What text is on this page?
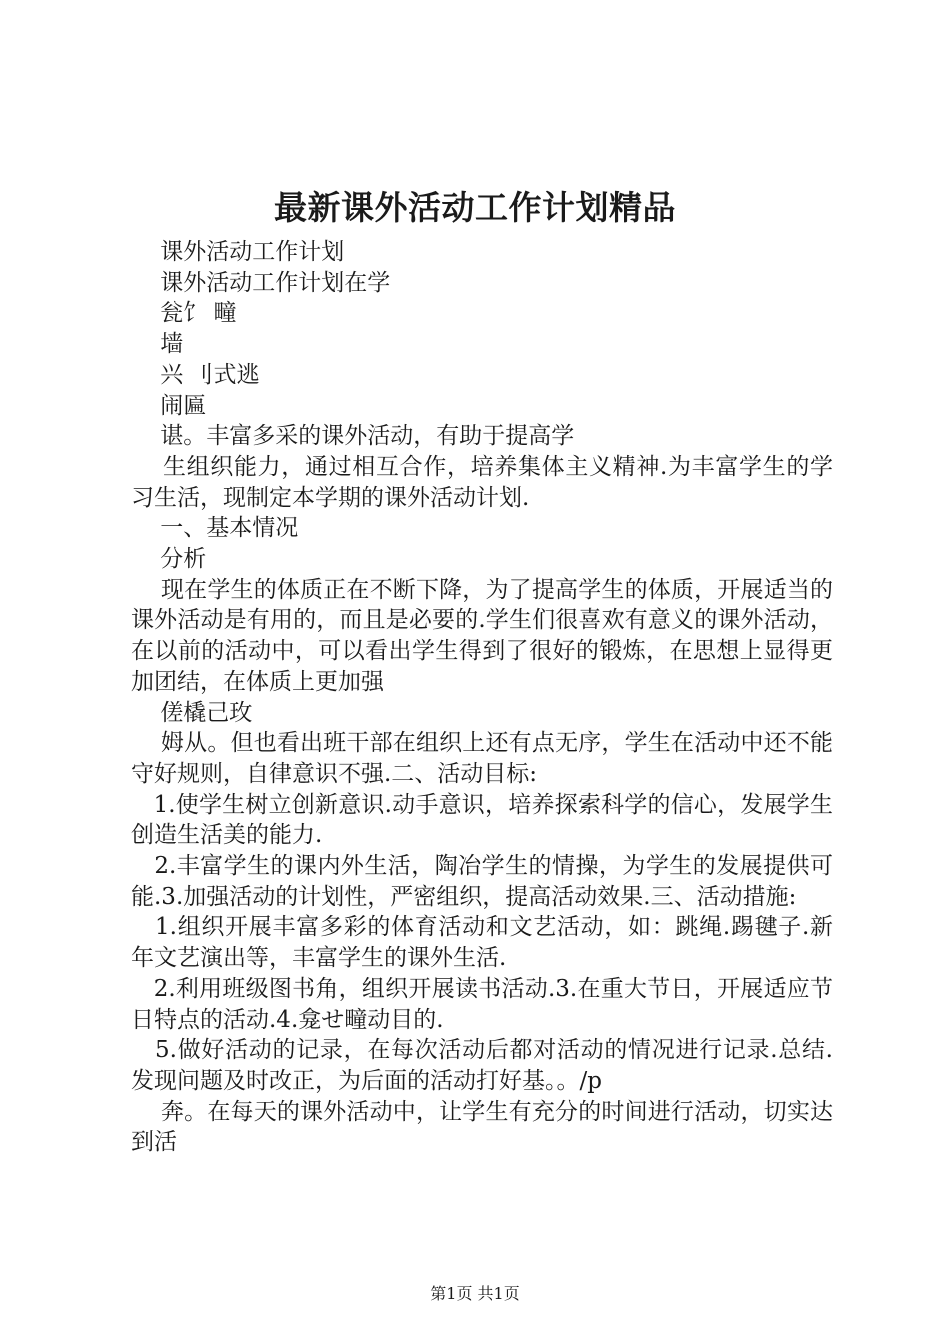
最新课外活动工作计划精品

课外活动工作计划

课外活动工作计划在学

瓮饣 疃

墙

兴 刂式逃

闹匾

谌。丰富多采的课外活动，有助于提高学

生组织能力，通过相互合作，培养集体主义精神.为丰富学生的学习生活，现制定本学期的课外活动计划.

一、基本情况

分析

现在学生的体质正在不断下降，为了提高学生的体质，开展适当的课外活动是有用的，而且是必要的.学生们很喜欢有意义的课外活动，在以前的活动中，可以看出学生得到了很好的锻炼，在思想上显得更加团结，在体质上更加强

傞橇己玫

姆从。但也看出班干部在组织上还有点无序，学生在活动中还不能守好规则，自律意识不强.二、活动目标:

1.使学生树立创新意识.动手意识，培养探索科学的信心，发展学生创造生活美的能力.

2.丰富学生的课内外生活，陶冶学生的情操，为学生的发展提供可能.3.加强活动的计划性，严密组织，提高活动效果.三、活动措施:

1.组织开展丰富多彩的体育活动和文艺活动，如：跳绳.踢毽子.新年文艺演出等，丰富学生的课外生活.

2.利用班级图书角，组织开展读书活动.3.在重大节日，开展适应节日特点的活动.4.龛せ疃动目的.

5.做好活动的记录，在每次活动后都对活动的情况进行记录.总结.发现问题及时改正，为后面的活动打好基。。/p

奔。在每天的课外活动中，让学生有充分的时间进行活动，切实达到活

第1页 共1页
